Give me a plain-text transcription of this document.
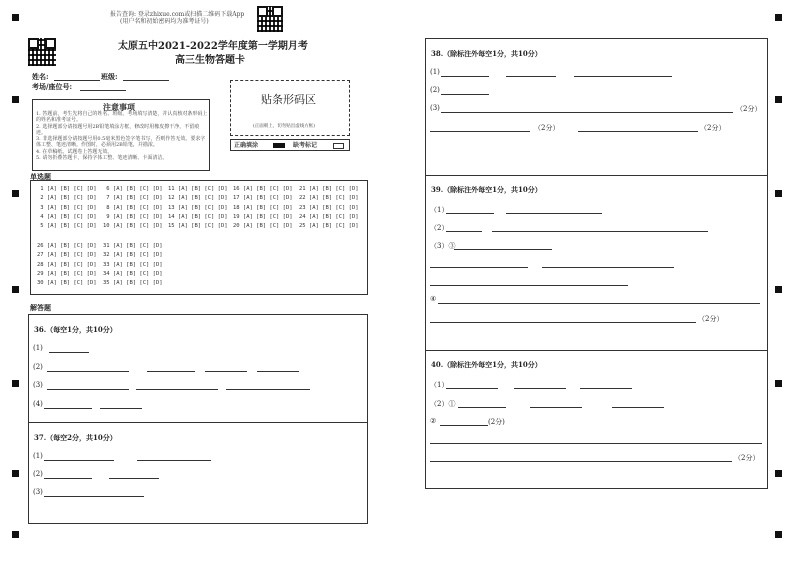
报告查询: 登录zhixue.com或扫描二维码下载App
(用户名和初始密码均为准考证号)
太原五中2021-2022学年度第一学期月考
高三生物答题卡
姓名:	班级:
考场/座位号:
注意事项
1. 答题前，考生先将自己的姓名、班级、考场填写清楚，并认真核对条形码上的姓名和准考证号。
2. 选择题部分请按题号用2B铅笔填涂方框，修改时用橡皮擦干净，不留痕迹。
3. 非选择题部分请按题号用0.5毫米黑色签字笔书写，否则作答无效。要求字体工整、笔迹清晰。作图时，必须用2B铅笔，并描浓。
4. 在草稿纸、试题卷上答题无效。
5. 请勿折叠答题卡，保持字体工整、笔迹清晰、卡面清洁。
贴条形码区
(正面朝上，切勿贴出虚线方框)
正确填涂	缺考标记
单选题
1 [A] [B] [C] [D]
2 [A] [B] [C] [D]
3 [A] [B] [C] [D]
4 [A] [B] [C] [D]
5 [A] [B] [C] [D]
6 [A] [B] [C] [D]
7 [A] [B] [C] [D]
8 [A] [B] [C] [D]
9 [A] [B] [C] [D]
10 [A] [B] [C] [D]
11 [A] [B] [C] [D]
12 [A] [B] [C] [D]
13 [A] [B] [C] [D]
14 [A] [B] [C] [D]
15 [A] [B] [C] [D]
16 [A] [B] [C] [D]
17 [A] [B] [C] [D]
18 [A] [B] [C] [D]
19 [A] [B] [C] [D]
20 [A] [B] [C] [D]
21 [A] [B] [C] [D]
22 [A] [B] [C] [D]
23 [A] [B] [C] [D]
24 [A] [B] [C] [D]
25 [A] [B] [C] [D]
26 [A] [B] [C] [D]
27 [A] [B] [C] [D]
28 [A] [B] [C] [D]
29 [A] [B] [C] [D]
30 [A] [B] [C] [D]
31 [A] [B] [C] [D]
32 [A] [B] [C] [D]
33 [A] [B] [C] [D]
34 [A] [B] [C] [D]
35 [A] [B] [C] [D]
解答题
36.（每空1分，共10分）
(1)
(2)
(3)
(4)
37.（每空2分，共10分）
(1)
(2)
(3)
38.（除标注外每空1分，共10分）
(1)
(2)
(3)	（2分）
（2分）	（2分）
39.（除标注外每空1分，共10分）
（1）
（2）
（3）③
④
（2分）
40.（除标注外每空1分，共10分）
（1）
（2）①
②	(2分)
（2分）
